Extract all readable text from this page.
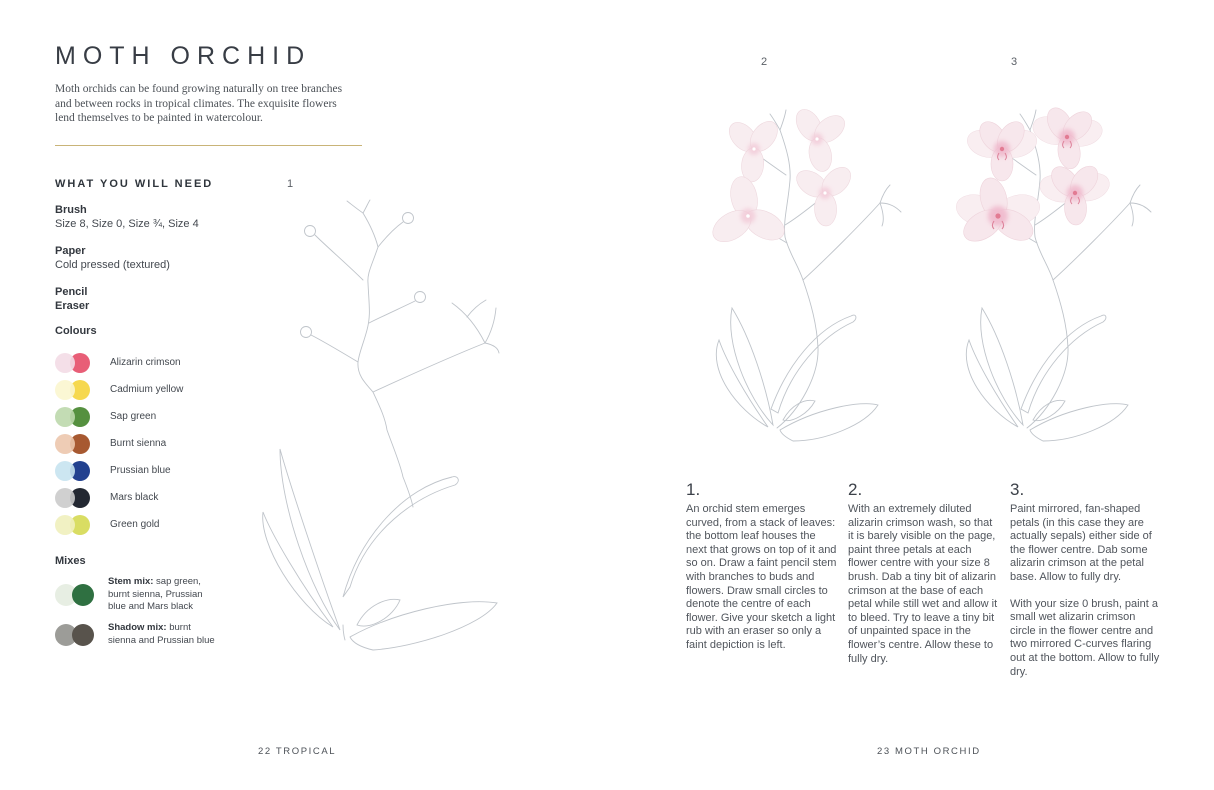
MOTH ORCHID

Moth orchids can be found growing naturally on tree branches and between rocks in tropical climates. The exquisite flowers lend themselves to be painted in watercolour.

WHAT YOU WILL NEED	1
Brush
Size 8, Size 0, Size ¾, Size 4
Paper
Cold pressed (textured)
Pencil
Eraser
Colours
Alizarin crimson
Cadmium yellow
Sap green
Burnt sienna
Prussian blue
Mars black
Green gold
Mixes
Stem mix: sap green, burnt sienna, Prussian blue and Mars black
Shadow mix: burnt sienna and Prussian blue
2	3
1.
An orchid stem emerges curved, from a stack of leaves: the bottom leaf houses the next that grows on top of it and so on. Draw a faint pencil stem with branches to buds and flowers. Draw small circles to denote the centre of each flower. Give your sketch a light rub with an eraser so only a faint depiction is left.
2.
With an extremely diluted alizarin crimson wash, so that it is barely visible on the page, paint three petals at each flower centre with your size 8 brush. Dab a tiny bit of alizarin crimson at the base of each petal while still wet and allow it to bleed. Try to leave a tiny bit of unpainted space in the flower’s centre. Allow these to fully dry.
3.
Paint mirrored, fan-shaped petals (in this case they are actually sepals) either side of the flower centre. Dab some alizarin crimson at the petal base. Allow to fully dry.
With your size 0 brush, paint a small wet alizarin crimson circle in the flower centre and two mirrored C-curves flaring out at the bottom. Allow to fully dry.
22 TROPICAL	23 MOTH ORCHID
